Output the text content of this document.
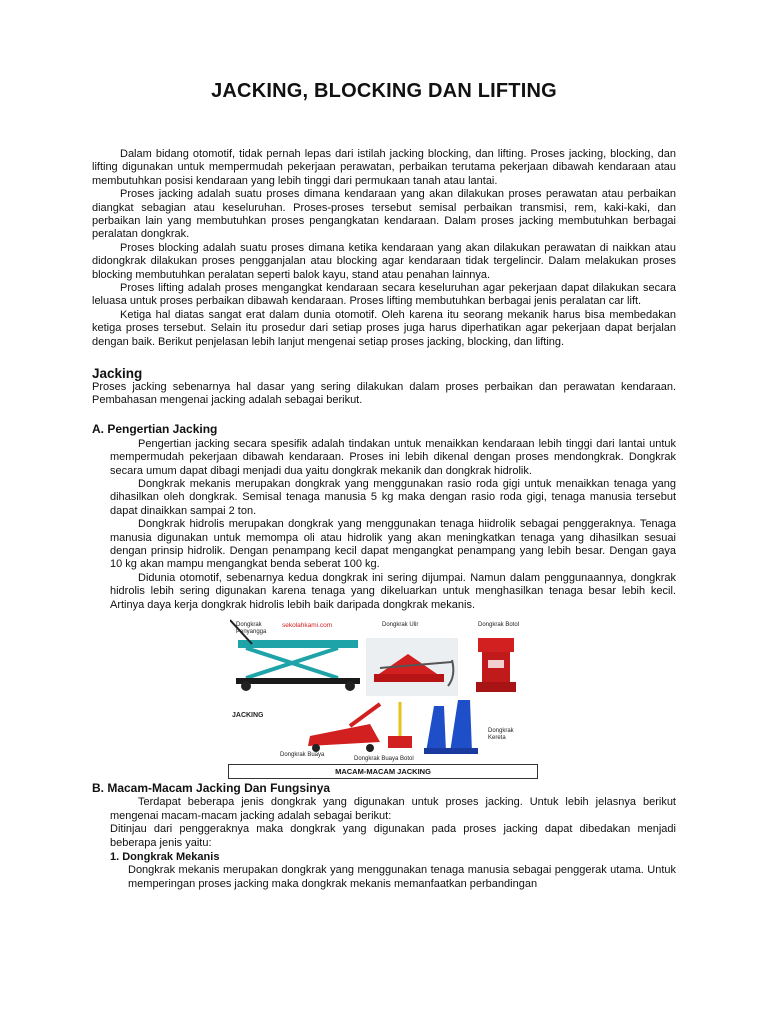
JACKING, BLOCKING DAN LIFTING

Dalam bidang otomotif, tidak pernah lepas dari istilah jacking blocking, dan lifting. Proses jacking, blocking, dan lifting digunakan untuk mempermudah pekerjaan perawatan, perbaikan terutama pekerjaan dibawah kendaraan atau membutuhkan posisi kendaraan yang lebih tinggi dari permukaan tanah atau lantai.

Proses jacking adalah suatu proses dimana kendaraan yang akan dilakukan proses perawatan atau perbaikan diangkat sebagian atau keseluruhan. Proses-proses tersebut semisal perbaikan transmisi, rem, kaki-kaki, dan perbaikan lain yang membutuhkan proses pengangkatan kendaraan. Dalam proses jacking membutuhkan berbagai peralatan dongkrak.

Proses blocking adalah suatu proses dimana ketika kendaraan yang akan dilakukan perawatan di naikkan atau didongkrak dilakukan proses pengganjalan atau blocking agar kendaraan tidak tergelincir. Dalam melakukan proses blocking membutuhkan peralatan seperti balok kayu, stand atau penahan lainnya.

Proses lifting adalah proses mengangkat kendaraan secara keseluruhan agar pekerjaan dapat dilakukan secara leluasa untuk proses perbaikan dibawah kendaraan. Proses lifting membutuhkan berbagai jenis peralatan car lift.

Ketiga hal diatas sangat erat dalam dunia otomotif. Oleh karena itu seorang mekanik harus bisa membedakan ketiga proses tersebut. Selain itu prosedur dari setiap proses juga harus diperhatikan agar pekerjaan dapat berjalan dengan baik. Berikut penjelasan lebih lanjut mengenai setiap proses jacking, blocking, dan lifting.

Jacking

Proses jacking sebenarnya hal dasar yang sering dilakukan dalam proses perbaikan dan perawatan kendaraan. Pembahasan mengenai jacking adalah sebagai berikut.

A. Pengertian Jacking

Pengertian jacking secara spesifik adalah tindakan untuk menaikkan kendaraan lebih tinggi dari lantai untuk mempermudah pekerjaan dibawah kendaraan. Proses ini lebih dikenal dengan proses mendongkrak. Dongkrak secara umum dapat dibagi menjadi dua yaitu dongkrak mekanik dan dongkrak hidrolik.

Dongkrak mekanis merupakan dongkrak yang menggunakan rasio roda gigi untuk menaikkan tenaga yang dihasilkan oleh dongkrak. Semisal tenaga manusia 5 kg maka dengan rasio roda gigi, tenaga manusia tersebut dapat dinaikkan sampai 2 ton.

Dongkrak hidrolis merupakan dongkrak yang menggunakan tenaga hiidrolik sebagai penggeraknya. Tenaga manusia digunakan untuk memompa oli atau hidrolik yang akan meningkatkan tenaga yang dihasilkan sesuai dengan prinsip hidrolik. Dengan penampang kecil dapat mengangkat penampang yang lebih besar. Dengan gaya 10 kg akan mampu mengangkat benda seberat 100 kg.

Didunia otomotif, sebenarnya kedua dongkrak ini sering dijumpai. Namun dalam penggunaannya, dongkrak hidrolis lebih sering digunakan karena tenaga yang dikeluarkan untuk menghasilkan tenaga besar lebih kecil. Artinya daya kerja dongkrak hidrolis lebih baik daripada dongkrak mekanis.

Dongkrak Penyangga
sekolahkami.com	Dongkrak Ulir	Dongkrak Botol
JACKING
Dongkrak Buaya
Dongkrak Buaya Botol
Dongkrak Kereta
MACAM-MACAM JACKING
B. Macam-Macam Jacking Dan Fungsinya

Terdapat beberapa jenis dongkrak yang digunakan untuk proses jacking. Untuk lebih jelasnya berikut mengenai macam-macam jacking adalah sebagai berikut:

Ditinjau dari penggeraknya maka dongkrak yang digunakan pada proses jacking dapat dibedakan menjadi beberapa jenis yaitu:

1. Dongkrak Mekanis

Dongkrak mekanis merupakan dongkrak yang menggunakan tenaga manusia sebagai penggerak utama. Untuk memperingan proses jacking maka dongkrak mekanis memanfaatkan perbandingan
